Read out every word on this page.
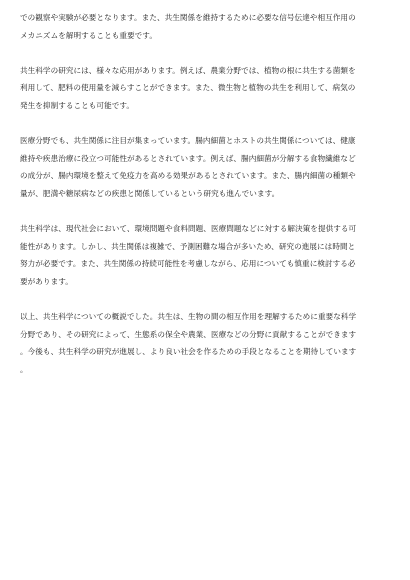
での観察や実験が必要となります。また、共生関係を維持するために必要な信号伝達や相互作用の
メカニズムを解明することも重要です。

共生科学の研究には、様々な応用があります。例えば、農業分野では、植物の根に共生する菌類を
利用して、肥料の使用量を減らすことができます。また、微生物と植物の共生を利用して、病気の
発生を抑制することも可能です。

医療分野でも、共生関係に注目が集まっています。腸内細菌とホストの共生関係については、健康
維持や疾患治療に役立つ可能性があるとされています。例えば、腸内細菌が分解する食物繊維など
の成分が、腸内環境を整えて免疫力を高める効果があるとされています。また、腸内細菌の種類や
量が、肥満や糖尿病などの疾患と関係しているという研究も進んでいます。

共生科学は、現代社会において、環境問題や食料問題、医療問題などに対する解決策を提供する可
能性があります。しかし、共生関係は複雑で、予測困難な場合が多いため、研究の進展には時間と
努力が必要です。また、共生関係の持続可能性を考慮しながら、応用についても慎重に検討する必
要があります。

以上、共生科学についての概説でした。共生は、生物の間の相互作用を理解するために重要な科学
分野であり、その研究によって、生態系の保全や農業、医療などの分野に貢献することができます
。今後も、共生科学の研究が進展し、より良い社会を作るための手段となることを期待しています
。
